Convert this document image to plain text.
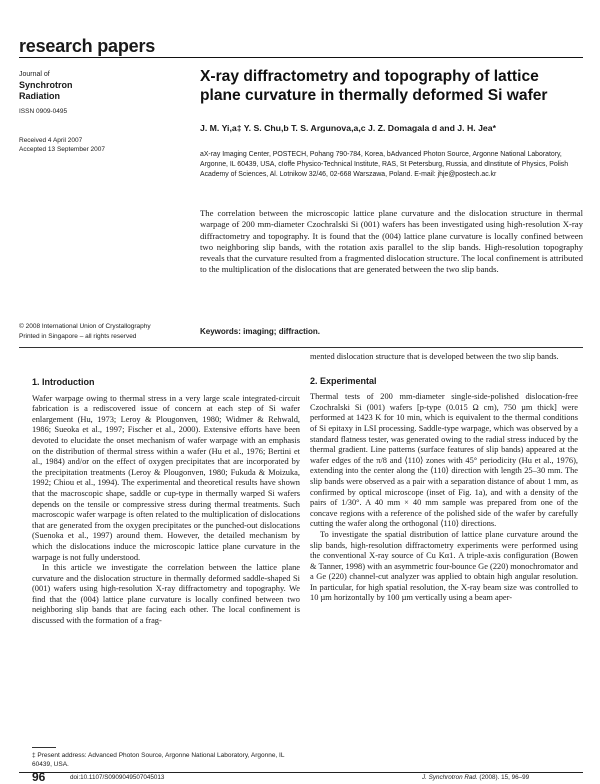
research papers
Journal of
Synchrotron
Radiation
ISSN 0909-0495
Received 4 April 2007
Accepted 13 September 2007
X-ray diffractometry and topography of lattice plane curvature in thermally deformed Si wafer
J. M. Yi,a‡ Y. S. Chu,b T. S. Argunova,a,c J. Z. Domagala d and J. H. Jea*
aX-ray Imaging Center, POSTECH, Pohang 790-784, Korea, bAdvanced Photon Source, Argonne National Laboratory, Argonne, IL 60439, USA, cIoffe Physico-Technical Institute, RAS, St Petersburg, Russia, and dInstitute of Physics, Polish Academy of Sciences, Al. Lotnikow 32/46, 02-668 Warszawa, Poland. E-mail: jhje@postech.ac.kr
The correlation between the microscopic lattice plane curvature and the dislocation structure in thermal warpage of 200 mm-diameter Czochralski Si (001) wafers has been investigated using high-resolution X-ray diffractometry and topography. It is found that the (004) lattice plane curvature is locally confined between two neighboring slip bands, with the rotation axis parallel to the slip bands. High-resolution topography reveals that the curvature resulted from a fragmented dislocation structure. The local confinement is attributed to the multiplication of the dislocations that are generated between the two slip bands.
© 2008 International Union of Crystallography
Printed in Singapore – all rights reserved	Keywords: imaging; diffraction.
1. Introduction

Wafer warpage owing to thermal stress in a very large scale integrated-circuit fabrication is a rediscovered issue of concern at each step of Si wafer enlargement (Hu, 1973; Leroy & Plougonven, 1980; Widmer & Rehwald, 1986; Sueoka et al., 1997; Fischer et al., 2000). Extensive efforts have been devoted to elucidate the onset mechanism of wafer warpage with an emphasis on the distribution of thermal stress within a wafer (Hu et al., 1976; Bertini et al., 1984) and/or on the effect of oxygen precipitates that are incorporated by the precipitation treatments (Leroy & Plougonven, 1980; Fukuda & Moizuka, 1992; Chiou et al., 1994). The experimental and theoretical results have shown that the macroscopic shape, saddle or cup-type in thermally warped Si wafers depends on the tensile or compressive stress during thermal treatments. Such macroscopic wafer warpage is often related to the multiplication of dislocations that are generated from the oxygen precipitates or the punched-out dislocations (Suenoka et al., 1997) around them. However, the detailed mechanism by which the dislocations induce the microscopic lattice plane curvature in the warpage is not fully understood.

In this article we investigate the correlation between the lattice plane curvature and the dislocation structure in thermally deformed saddle-shaped Si (001) wafers using high-resolution X-ray diffractometry and topography. We find that the (004) lattice plane curvature is locally confined between two neighboring slip bands that are facing each other. The local confinement is discussed with the formation of a frag-

mented dislocation structure that is developed between the two slip bands.

2. Experimental

Thermal tests of 200 mm-diameter single-side-polished dislocation-free Czochralski Si (001) wafers [p-type (0.015 Ω cm), 750 µm thick] were performed at 1423 K for 10 min, which is equivalent to the thermal conditions of Si epitaxy in LSI processing. Saddle-type warpage, which was observed by a standard flatness tester, was generated owing to the radial stress induced by the thermal gradient. Line patterns (surface features of slip bands) appeared at the wafer edges of the π/8 and ⟨110⟩ zones with 45° periodicity (Hu et al., 1976), extending into the center along the ⟨110⟩ direction with length 25–30 mm. The slip bands were observed as a pair with a separation distance of about 1 mm, as confirmed by optical microscope (inset of Fig. 1a), and with a density of the pairs of 1/30°. A 40 mm × 40 mm sample was prepared from one of the concave regions with a reference of the polished side of the wafer by carefully cutting the wafer along the orthogonal ⟨110⟩ directions.

To investigate the spatial distribution of lattice plane curvature around the slip bands, high-resolution diffractometry experiments were performed using the conventional X-ray source of Cu Kα1. A triple-axis configuration (Bowen & Tanner, 1998) with an asymmetric four-bounce Ge (220) monochromator and a Ge (220) channel-cut analyzer was applied to obtain high angular resolution. In particular, for high spatial resolution, the X-ray beam size was controlled to 10 µm horizontally by 100 µm vertically using a beam aper-

‡ Present address: Advanced Photon Source, Argonne National Laboratory, Argonne, IL 60439, USA.
96	doi:10.1107/S0909049507045013	J. Synchrotron Rad. (2008). 15, 96–99
